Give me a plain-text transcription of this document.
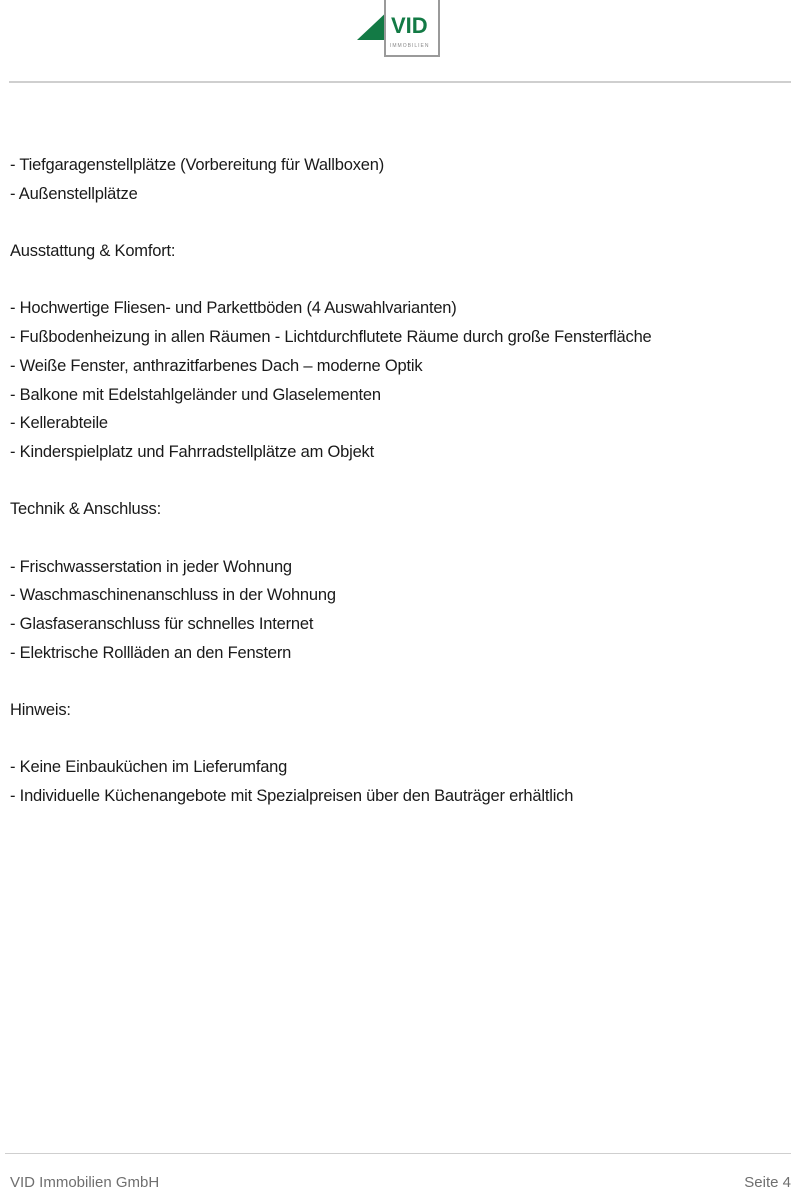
VID
IMMOBILIEN
- Tiefgaragenstellplätze (Vorbereitung für Wallboxen)
- Außenstellplätze
Ausstattung & Komfort:
- Hochwertige Fliesen- und Parkettböden (4 Auswahlvarianten)
- Fußbodenheizung in allen Räumen - Lichtdurchflutete Räume durch große Fensterfläche
- Weiße Fenster, anthrazitfarbenes Dach – moderne Optik
- Balkone mit Edelstahlgeländer und Glaselementen
- Kellerabteile
- Kinderspielplatz und Fahrradstellplätze am Objekt
Technik & Anschluss:
- Frischwasserstation in jeder Wohnung
- Waschmaschinenanschluss in der Wohnung
- Glasfaseranschluss für schnelles Internet
- Elektrische Rollläden an den Fenstern
Hinweis:
- Keine Einbauküchen im Lieferumfang
- Individuelle Küchenangebote mit Spezialpreisen über den Bauträger erhältlich
VID Immobilien GmbH	Seite 4
